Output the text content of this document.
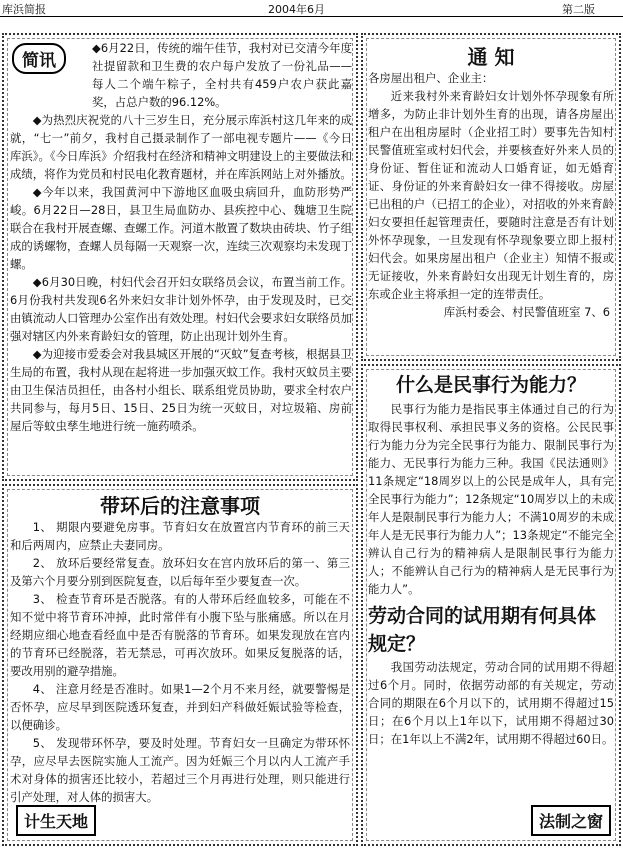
库浜简报	2004年6月	第二版
简讯

◆6月22日，传统的端午佳节，我村对已交清今年度社提留款和卫生费的农户每户发放了一份礼品——每人二个端午粽子，全村共有459户农户获此嘉奖，占总户数的96.12%。

◆为热烈庆祝党的八十三岁生日，充分展示库浜村这几年来的成就，“七一”前夕，我村自己摄录制作了一部电视专题片——《今日库浜》。《今日库浜》介绍我村在经济和精神文明建设上的主要做法和成绩，将作为党员和村民电化教育题材，并在库浜网站上对外播放。

◆今年以来，我国黄河中下游地区血吸虫病回升，血防形势严峻。6月22日—28日，县卫生局血防办、县疾控中心、魏塘卫生院联合在我村开展查螺、查螺工作。河道木散置了数块由砖块、竹子组成的诱螺物，查螺人员每隔一天观察一次，连续三次观察均未发现丁螺。

◆6月30日晚，村妇代会召开妇女联络员会议，布置当前工作。6月份我村共发现6名外来妇女非计划外怀孕，由于发现及时，已交由镇流动人口管理办公室作出有效处理。村妇代会要求妇女联络员加强对辖区内外来育龄妇女的管理，防止出现计划外生育。

◆为迎接市爱委会对我县城区开展的“灭蚊”复查考核，根据县卫生局的布置，我村从现在起将进一步加强灭蚊工作。我村灭蚊员主要由卫生保洁员担任，由各村小组长、联系组党员协助，要求全村农户共同参与，每月5日、15日、25日为统一灭蚊日，对垃圾箱、房前屋后等蚊虫孳生地进行统一施药喷杀。

通 知

各房屋出租户、企业主：

近来我村外来育龄妇女计划外怀孕现象有所增多，为防止非计划外生育的出现，请各房屋出租户在出租房屋时（企业招工时）要事先告知村民警值班室或村妇代会，并要核查好外来人员的身份证、暂住证和流动人口婚育证，如无婚育证、身份证的外来育龄妇女一律不得接收。房屋已出租的户（已招工的企业），对招收的外来育龄妇女要担任起管理责任，要随时注意是否有计划外怀孕现象，一旦发现有怀孕现象要立即上报村妇代会。如果房屋出租户（企业主）知情不报或无证接收，外来育龄妇女出现无计划生育的，房东或企业主将承担一定的连带责任。

库浜村委会、村民警值班室 7、6

带环后的注意事项

1、 期限内要避免房事。节育妇女在放置宫内节育环的前三天和后两周内，应禁止夫妻同房。

2、 放环后要经常复查。放环妇女在宫内放环后的第一、第三及第六个月要分别到医院复查，以后每年至少要复查一次。

3、 检查节育环是否脱落。有的人带环后经血较多，可能在不知不觉中将节育环冲掉，此时常伴有小腹下坠与胀痛感。所以在月经期应细心地查看经血中是否有脱落的节育环。如果发现放在宫内的节育环已经脱落，若无禁忌，可再次放环。如果反复脱落的话，要改用别的避孕措施。

4、 注意月经是否准时。如果1—2个月不来月经，就要警惕是否怀孕，应尽早到医院透环复查，并到妇产科做妊娠试验等检查，以便确诊。

5、 发现带环怀孕，要及时处理。节育妇女一旦确定为带环怀孕，应尽早去医院实施人工流产。因为妊娠三个月以内人工流产手术对身体的损害还比较小，若超过三个月再进行处理，则只能进行引产处理，对人体的损害大。

计生天地
什么是民事行为能力？

民事行为能力是指民事主体通过自己的行为取得民事权利、承担民事义务的资格。公民民事行为能力分为完全民事行为能力、限制民事行为能力、无民事行为能力三种。我国《民法通则》11条规定“18周岁以上的公民是成年人，具有完全民事行为能力”；12条规定“10周岁以上的未成年人是限制民事行为能力人；不满10周岁的未成年人是无民事行为能力人”；13条规定“不能完全辨认自己行为的精神病人是限制民事行为能力人；不能辨认自己行为的精神病人是无民事行为能力人”。

劳动合同的试用期有何具体规定？

我国劳动法规定，劳动合同的试用期不得超过6个月。同时，依据劳动部的有关规定，劳动合同的期限在6个月以下的，试用期不得超过15日；在6个月以上1年以下，试用期不得超过30日；在1年以上不满2年，试用期不得超过60日。

法制之窗
